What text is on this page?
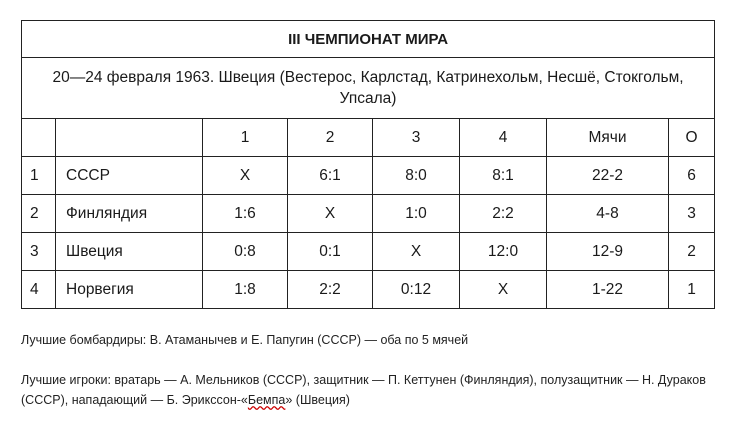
III ЧЕМПИОНАТ МИРА							
20—24 февраля 1963. Швеция (Вестерос, Карлстад, Катринехольм, Несшё, Стокгольм, Упсала)							
		1	2	3	4	Мячи	О
1	СССР	X	6:1	8:0	8:1	22-2	6
2	Финляндия	1:6	X	1:0	2:2	4-8	3
3	Швеция	0:8	0:1	X	12:0	12-9	2
4	Норвегия	1:8	2:2	0:12	X	1-22	1

Лучшие бомбардиры: В. Атаманычев и Е. Папугин (СССР) — оба по 5 мячей

Лучшие игроки: вратарь — А. Мельников (СССР), защитник — П. Кеттунен (Финляндия), полузащитник — Н. Дураков (СССР), нападающий — Б. Эрикссон-«Бемпа» (Швеция)
